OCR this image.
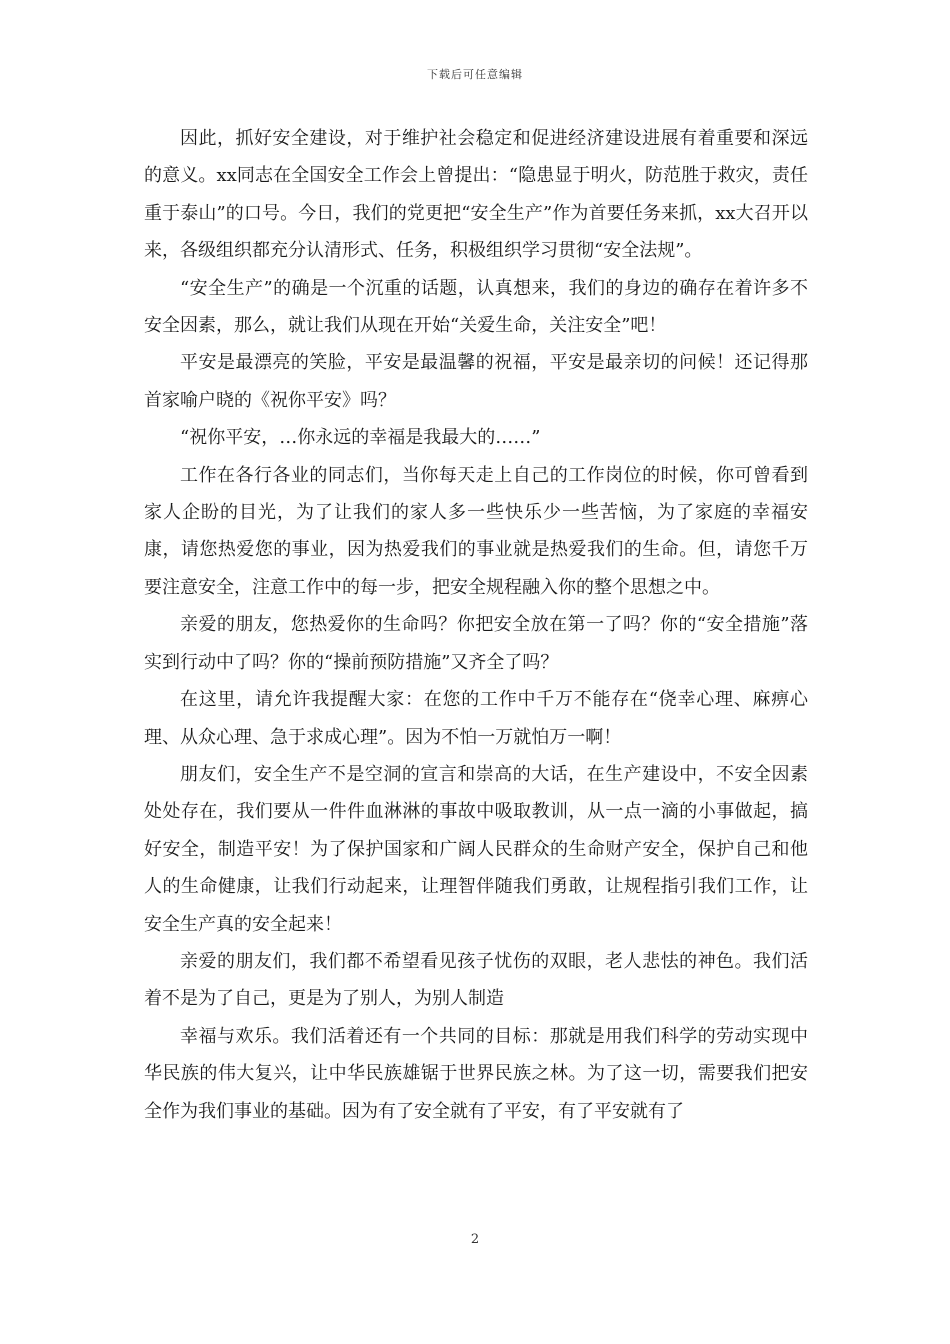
下载后可任意编辑

因此，抓好安全建设，对于维护社会稳定和促进经济建设进展有着重要和深远的意义。xx同志在全国安全工作会上曾提出：“隐患显于明火，防范胜于救灾，责任重于泰山”的口号。今日，我们的党更把“安全生产”作为首要任务来抓，xx大召开以来，各级组织都充分认清形式、任务，积极组织学习贯彻“安全法规”。

“安全生产”的确是一个沉重的话题，认真想来，我们的身边的确存在着许多不安全因素，那么，就让我们从现在开始“关爱生命，关注安全”吧！

平安是最漂亮的笑脸，平安是最温馨的祝福，平安是最亲切的问候！还记得那首家喻户晓的《祝你平安》吗？

“祝你平安，…你永远的幸福是我最大的……”

工作在各行各业的同志们，当你每天走上自己的工作岗位的时候，你可曾看到家人企盼的目光，为了让我们的家人多一些快乐少一些苦恼，为了家庭的幸福安康，请您热爱您的事业，因为热爱我们的事业就是热爱我们的生命。但，请您千万要注意安全，注意工作中的每一步，把安全规程融入你的整个思想之中。

亲爱的朋友，您热爱你的生命吗？你把安全放在第一了吗？你的“安全措施”落实到行动中了吗？你的“操前预防措施”又齐全了吗？

在这里，请允许我提醒大家：在您的工作中千万不能存在“侥幸心理、麻痹心理、从众心理、急于求成心理”。因为不怕一万就怕万一啊！

朋友们，安全生产不是空洞的宣言和崇高的大话，在生产建设中，不安全因素处处存在，我们要从一件件血淋淋的事故中吸取教训，从一点一滴的小事做起，搞好安全，制造平安！为了保护国家和广阔人民群众的生命财产安全，保护自己和他人的生命健康，让我们行动起来，让理智伴随我们勇敢，让规程指引我们工作，让安全生产真的安全起来！

亲爱的朋友们，我们都不希望看见孩子忧伤的双眼，老人悲怯的神色。我们活着不是为了自己，更是为了别人，为别人制造

幸福与欢乐。我们活着还有一个共同的目标：那就是用我们科学的劳动实现中华民族的伟大复兴，让中华民族雄锯于世界民族之林。为了这一切，需要我们把安全作为我们事业的基础。因为有了安全就有了平安，有了平安就有了

2
